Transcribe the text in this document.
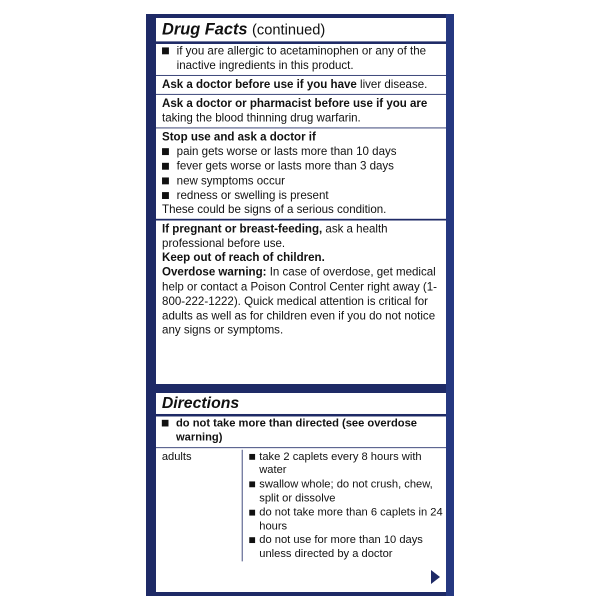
Drug Facts (continued)
if you are allergic to acetaminophen or any of the inactive ingredients in this product.

Ask a doctor before use if you have liver disease.

Ask a doctor or pharmacist before use if you are taking the blood thinning drug warfarin.

Stop use and ask a doctor if
pain gets worse or lasts more than 10 days
fever gets worse or lasts more than 3 days
new symptoms occur
redness or swelling is present
These could be signs of a serious condition.

If pregnant or breast-feeding, ask a health professional before use.

Keep out of reach of children.

Overdose warning: In case of overdose, get medical help or contact a Poison Control Center right away (1-800-222-1222). Quick medical attention is critical for adults as well as for children even if you do not notice any signs or symptoms.

Directions
do not take more than directed (see overdose warning)
adults	take 2 caplets every 8 hours with water
swallow whole; do not crush, chew, split or dissolve
do not take more than 6 caplets in 24 hours
do not use for more than 10 days unless directed by a doctor
